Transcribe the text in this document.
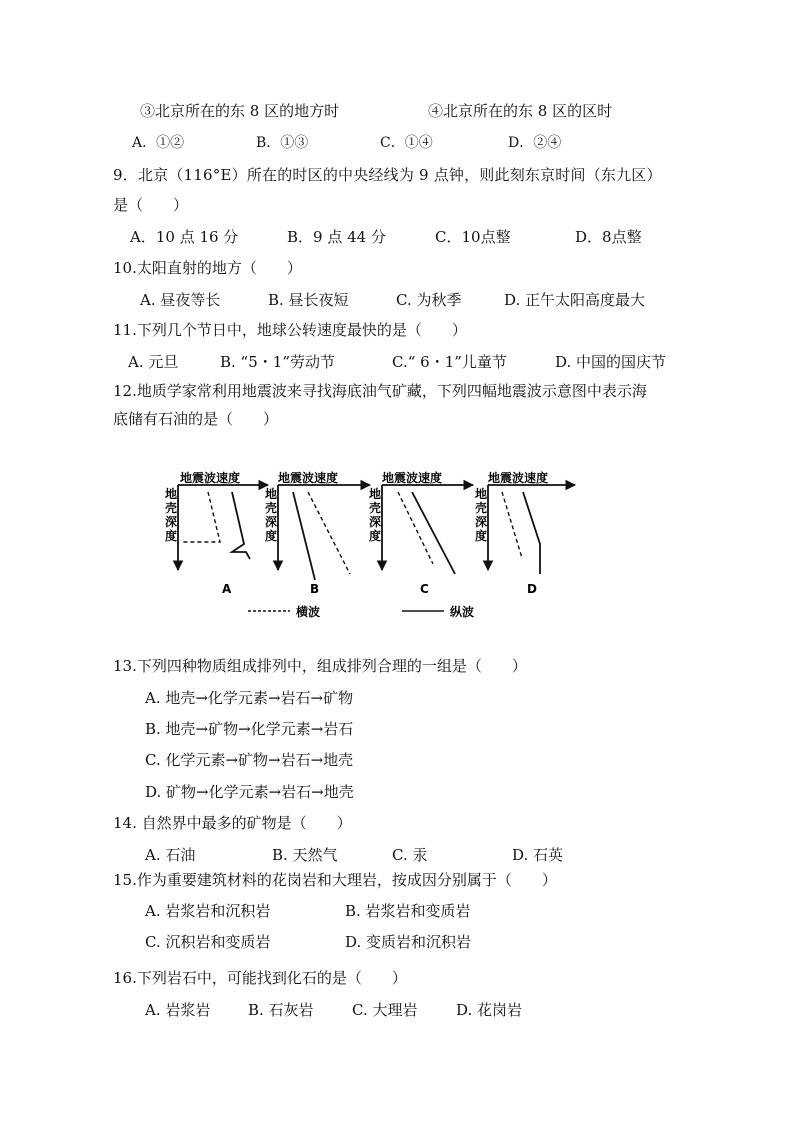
③北京所在的东 8 区的地方时	④北京所在的东 8 区的区时
A．①②	B．①③	C．①④	D．②④
9．北京（116°E）所在的时区的中央经线为 9 点钟，则此刻东京时间（东九区）
是（　　）
A．10 点 16 分	B．9 点 44 分	C．10点整	D．8点整
10.太阳直射的地方（　　）
A. 昼夜等长	B. 昼长夜短	C. 为秋季	D. 正午太阳高度最大
11.下列几个节日中，地球公转速度最快的是（　　）
A. 元旦	B. “5・1”劳动节	C.“ 6・1”儿童节	D. 中国的国庆节
12.地质学家常利用地震波来寻找海底油气矿藏，下列四幅地震波示意图中表示海
底储有石油的是（　　）
地震波速度
地
壳
深
度
A
地震波速度
地
壳
深
度
B
地震波速度
地
壳
深
度
C
地震波速度
地
壳
深
度
D
横波	纵波
13.下列四种物质组成排列中，组成排列合理的一组是（　　）
A. 地壳→化学元素→岩石→矿物
B. 地壳→矿物→化学元素→岩石
C. 化学元素→矿物→岩石→地壳
D. 矿物→化学元素→岩石→地壳
14. 自然界中最多的矿物是（　　）
A. 石油	B. 天然气	C. 汞	D. 石英
15.作为重要建筑材料的花岗岩和大理岩，按成因分别属于（　　）
A. 岩浆岩和沉积岩	B. 岩浆岩和变质岩
C. 沉积岩和变质岩	D. 变质岩和沉积岩
16.下列岩石中，可能找到化石的是（　　）
A. 岩浆岩	B. 石灰岩	C. 大理岩	D. 花岗岩
